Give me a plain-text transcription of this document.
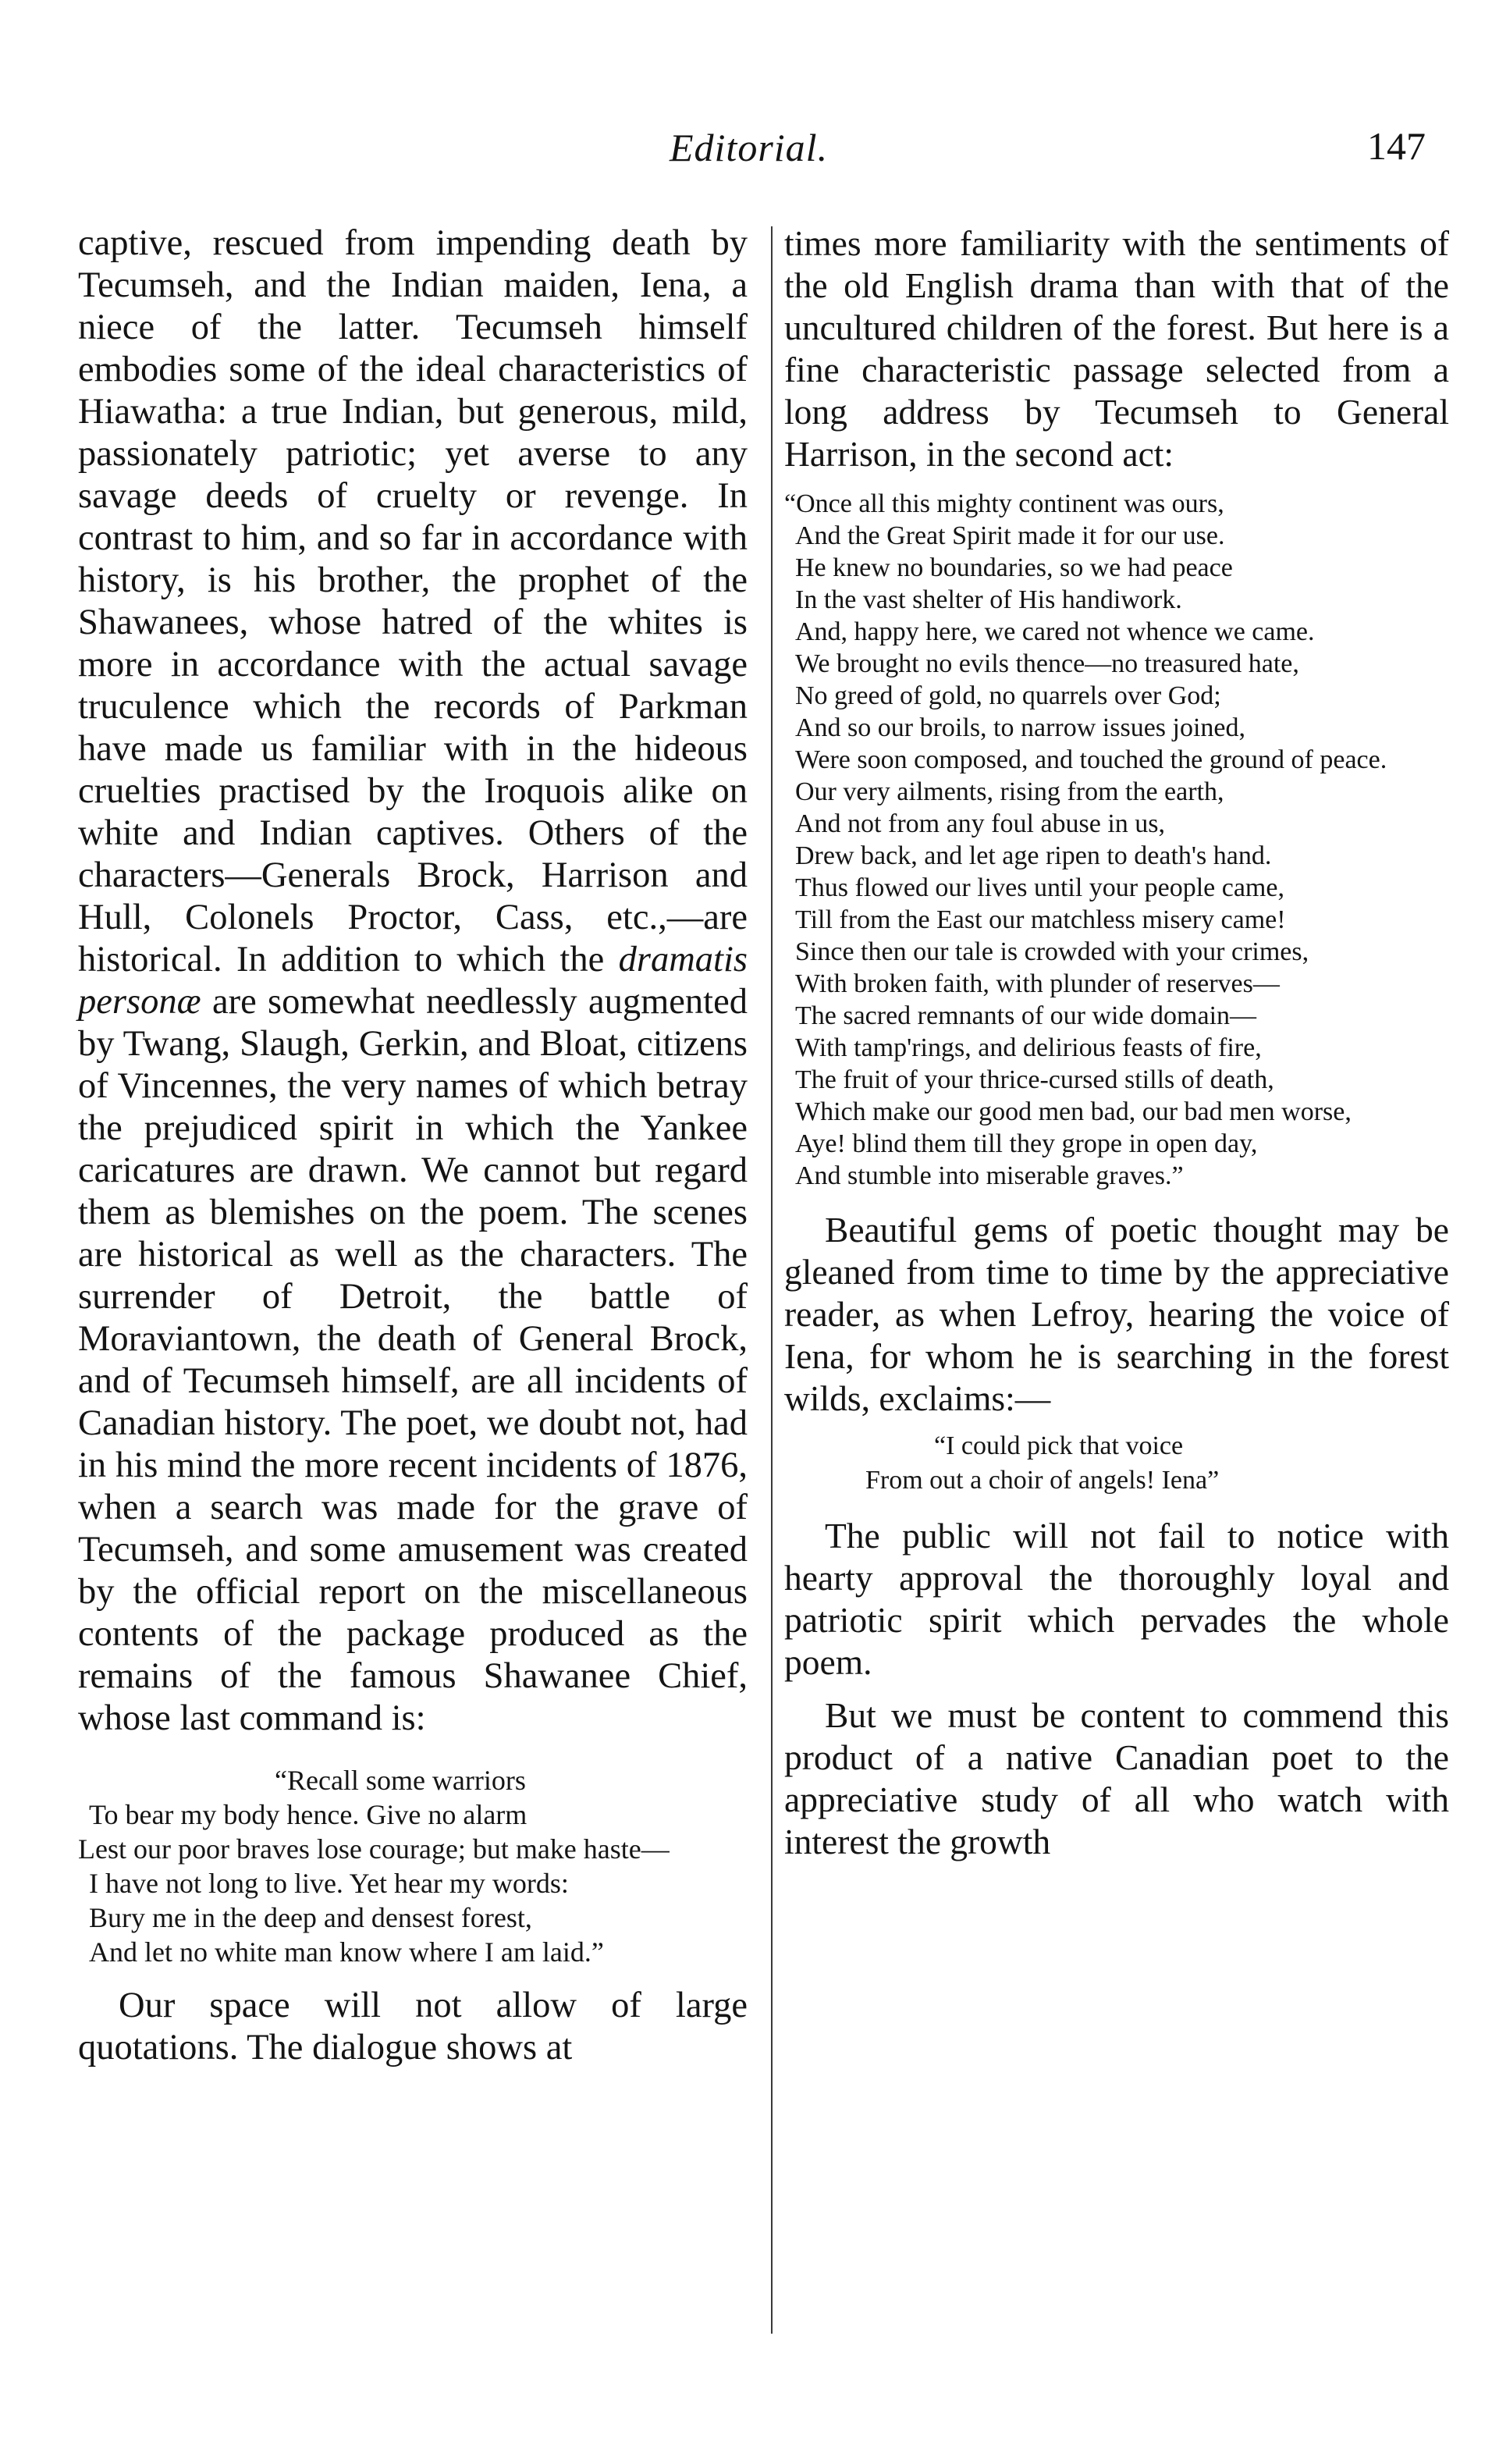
Editorial.	147

captive, rescued from impending death by Tecumseh, and the Indian maiden, Iena, a niece of the latter. Tecumseh himself embodies some of the ideal characteristics of Hiawatha: a true Indian, but generous, mild, passionately patriotic; yet averse to any savage deeds of cruelty or revenge. In contrast to him, and so far in accordance with history, is his brother, the prophet of the Shawanees, whose hatred of the whites is more in accordance with the actual savage truculence which the records of Parkman have made us familiar with in the hideous cruelties practised by the Iroquois alike on white and Indian captives. Others of the characters—Generals Brock, Harrison and Hull, Colonels Proctor, Cass, etc.,—are historical. In addition to which the dramatis personæ are somewhat needlessly augmented by Twang, Slaugh, Gerkin, and Bloat, citizens of Vincennes, the very names of which betray the prejudiced spirit in which the Yankee caricatures are drawn. We cannot but regard them as blemishes on the poem. The scenes are historical as well as the characters. The surrender of Detroit, the battle of Moraviantown, the death of General Brock, and of Tecumseh himself, are all incidents of Canadian history. The poet, we doubt not, had in his mind the more recent incidents of 1876, when a search was made for the grave of Tecumseh, and some amusement was created by the official report on the miscellaneous contents of the package produced as the remains of the famous Shawanee Chief, whose last command is:

“Recall some warriors
To bear my body hence. Give no alarm
Lest our poor braves lose courage; but make haste—
I have not long to live. Yet hear my words:
Bury me in the deep and densest forest,
And let no white man know where I am laid.”

Our space will not allow of large quotations. The dialogue shows at

times more familiarity with the sentiments of the old English drama than with that of the uncultured children of the forest. But here is a fine characteristic passage selected from a long address by Tecumseh to General Harrison, in the second act:

“Once all this mighty continent was ours,
And the Great Spirit made it for our use.
He knew no boundaries, so we had peace
In the vast shelter of His handiwork.
And, happy here, we cared not whence we came.
We brought no evils thence—no treasured hate,
No greed of gold, no quarrels over God;
And so our broils, to narrow issues joined,
Were soon composed, and touched the ground of peace.
Our very ailments, rising from the earth,
And not from any foul abuse in us,
Drew back, and let age ripen to death's hand.
Thus flowed our lives until your people came,
Till from the East our matchless misery came!
Since then our tale is crowded with your crimes,
With broken faith, with plunder of reserves—
The sacred remnants of our wide domain—
With tamp'rings, and delirious feasts of fire,
The fruit of your thrice-cursed stills of death,
Which make our good men bad, our bad men worse,
Aye! blind them till they grope in open day,
And stumble into miserable graves.”

Beautiful gems of poetic thought may be gleaned from time to time by the appreciative reader, as when Lefroy, hearing the voice of Iena, for whom he is searching in the forest wilds, exclaims:—

“I could pick that voice
From out a choir of angels! Iena”

The public will not fail to notice with hearty approval the thoroughly loyal and patriotic spirit which pervades the whole poem.

But we must be content to commend this product of a native Canadian poet to the appreciative study of all who watch with interest the growth
